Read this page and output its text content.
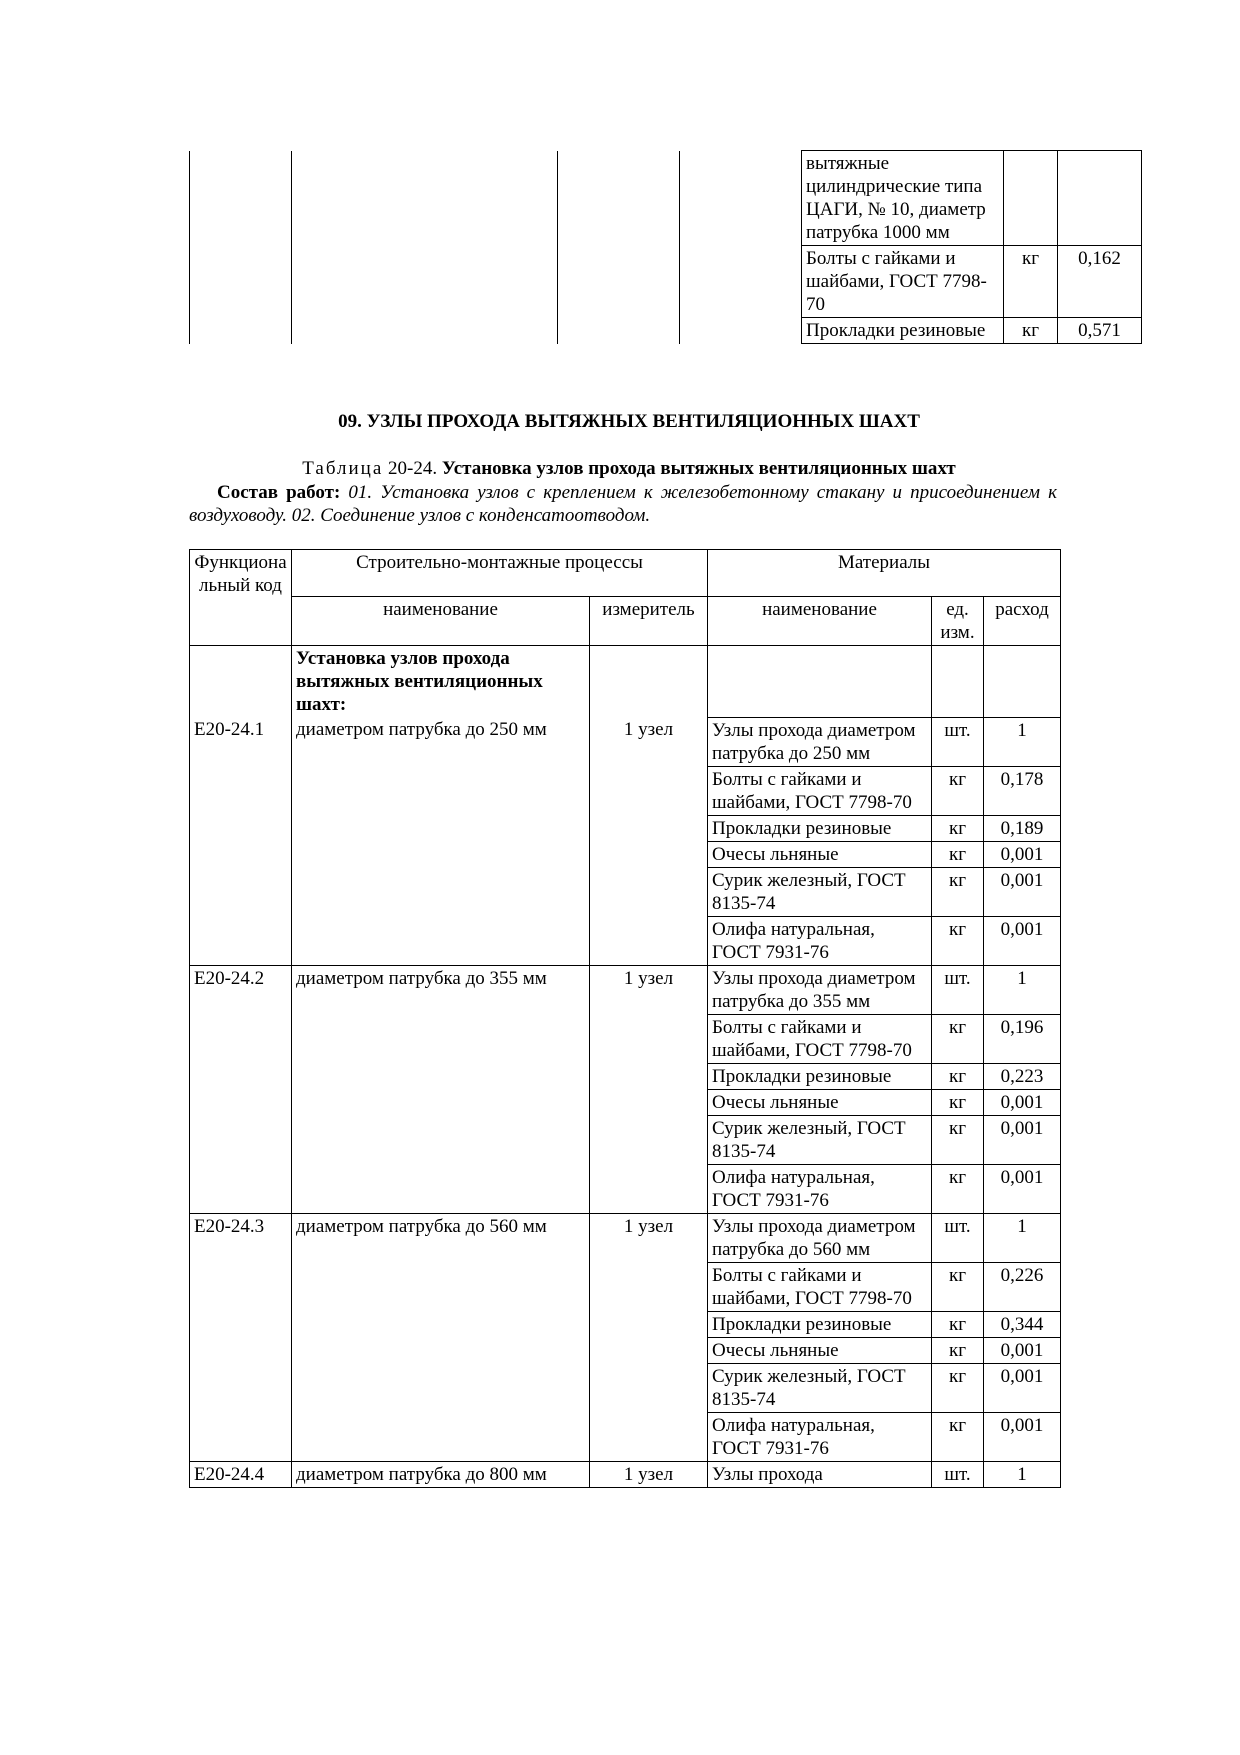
				вытяжные цилиндрические типа ЦАГИ, № 10, диаметр патрубка 1000 мм		
				Болты с гайками и шайбами, ГОСТ 7798-70	кг	0,162
				Прокладки резиновые	кг	0,571
09. УЗЛЫ ПРОХОДА ВЫТЯЖНЫХ ВЕНТИЛЯЦИОННЫХ ШАХТ
Таблица 20-24. Установка узлов прохода вытяжных вентиляционных шахт
Состав работ: 01. Установка узлов с креплением к железобетонному стакану и присоединением к воздуховоду. 02. Соединение узлов с конденсатоотводом.
Функциональный код	Строительно-монтажные процессы		Материалы		
	наименование	измеритель	наименование	ед. изм.	расход
	Установка узлов прохода вытяжных вентиляционных шахт:				
Е20-24.1	диаметром патрубка до 250 мм	1 узел	Узлы прохода диаметром патрубка до 250 мм	шт.	1
			Болты с гайками и шайбами, ГОСТ 7798-70	кг	0,178
			Прокладки резиновые	кг	0,189
			Очесы льняные	кг	0,001
			Сурик железный, ГОСТ 8135-74	кг	0,001
			Олифа натуральная, ГОСТ 7931-76	кг	0,001
Е20-24.2	диаметром патрубка до 355 мм	1 узел	Узлы прохода диаметром патрубка до 355 мм	шт.	1
			Болты с гайками и шайбами, ГОСТ 7798-70	кг	0,196
			Прокладки резиновые	кг	0,223
			Очесы льняные	кг	0,001
			Сурик железный, ГОСТ 8135-74	кг	0,001
			Олифа натуральная, ГОСТ 7931-76	кг	0,001
Е20-24.3	диаметром патрубка до 560 мм	1 узел	Узлы прохода диаметром патрубка до 560 мм	шт.	1
			Болты с гайками и шайбами, ГОСТ 7798-70	кг	0,226
			Прокладки резиновые	кг	0,344
			Очесы льняные	кг	0,001
			Сурик железный, ГОСТ 8135-74	кг	0,001
			Олифа натуральная, ГОСТ 7931-76	кг	0,001
Е20-24.4	диаметром патрубка до 800 мм	1 узел	Узлы прохода	шт.	1
